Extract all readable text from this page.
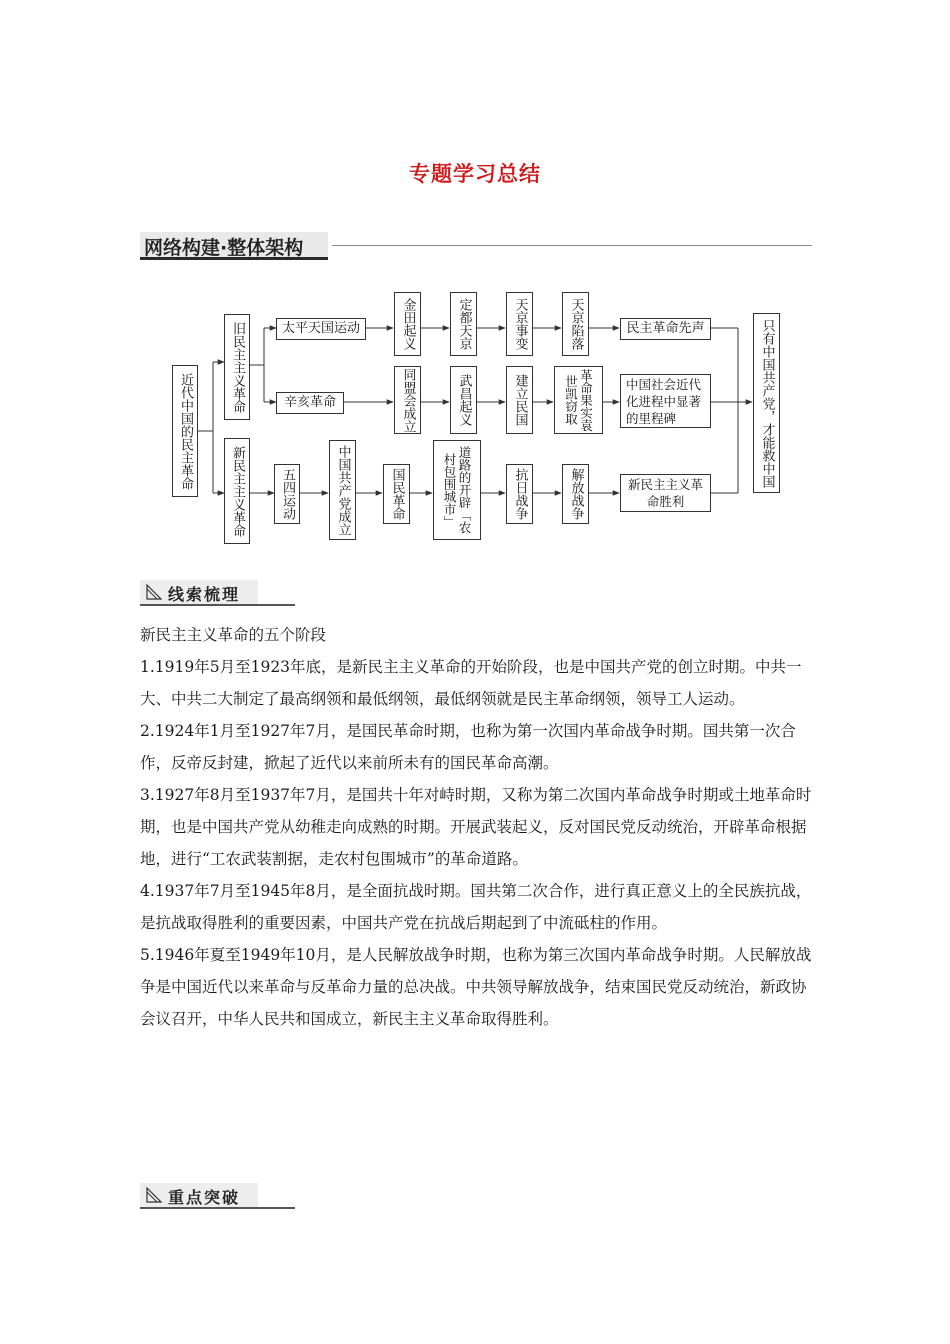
专题学习总结
网络构建·整体架构
近代中国的民主革命
旧民主主义革命
新民主主义革命
太平天国运动	金田起义	定都天京	天京事变	天京陷落	民主革命先声
辛亥革命	同盟会成立	武昌起义	建立民国	革命果实袁世凯窃取	中国社会近代化进程中显著的里程碑
五四运动	中国共产党成立	国民革命	道路的开辟「农村包围城市」	抗日战争	解放战争	新民主主义革命胜利
只有中国共产党，才能救中国
线索梳理

新民主主义革命的五个阶段

1.1919年5月至1923年底，是新民主主义革命的开始阶段，也是中国共产党的创立时期。中共一大、中共二大制定了最高纲领和最低纲领，最低纲领就是民主革命纲领，领导工人运动。

2.1924年1月至1927年7月，是国民革命时期，也称为第一次国内革命战争时期。国共第一次合作，反帝反封建，掀起了近代以来前所未有的国民革命高潮。

3.1927年8月至1937年7月，是国共十年对峙时期，又称为第二次国内革命战争时期或土地革命时期，也是中国共产党从幼稚走向成熟的时期。开展武装起义，反对国民党反动统治，开辟革命根据地，进行“工农武装割据，走农村包围城市”的革命道路。

4.1937年7月至1945年8月，是全面抗战时期。国共第二次合作，进行真正意义上的全民族抗战，是抗战取得胜利的重要因素，中国共产党在抗战后期起到了中流砥柱的作用。

5.1946年夏至1949年10月，是人民解放战争时期，也称为第三次国内革命战争时期。人民解放战争是中国近代以来革命与反革命力量的总决战。中共领导解放战争，结束国民党反动统治，新政协会议召开，中华人民共和国成立，新民主主义革命取得胜利。

重点突破
